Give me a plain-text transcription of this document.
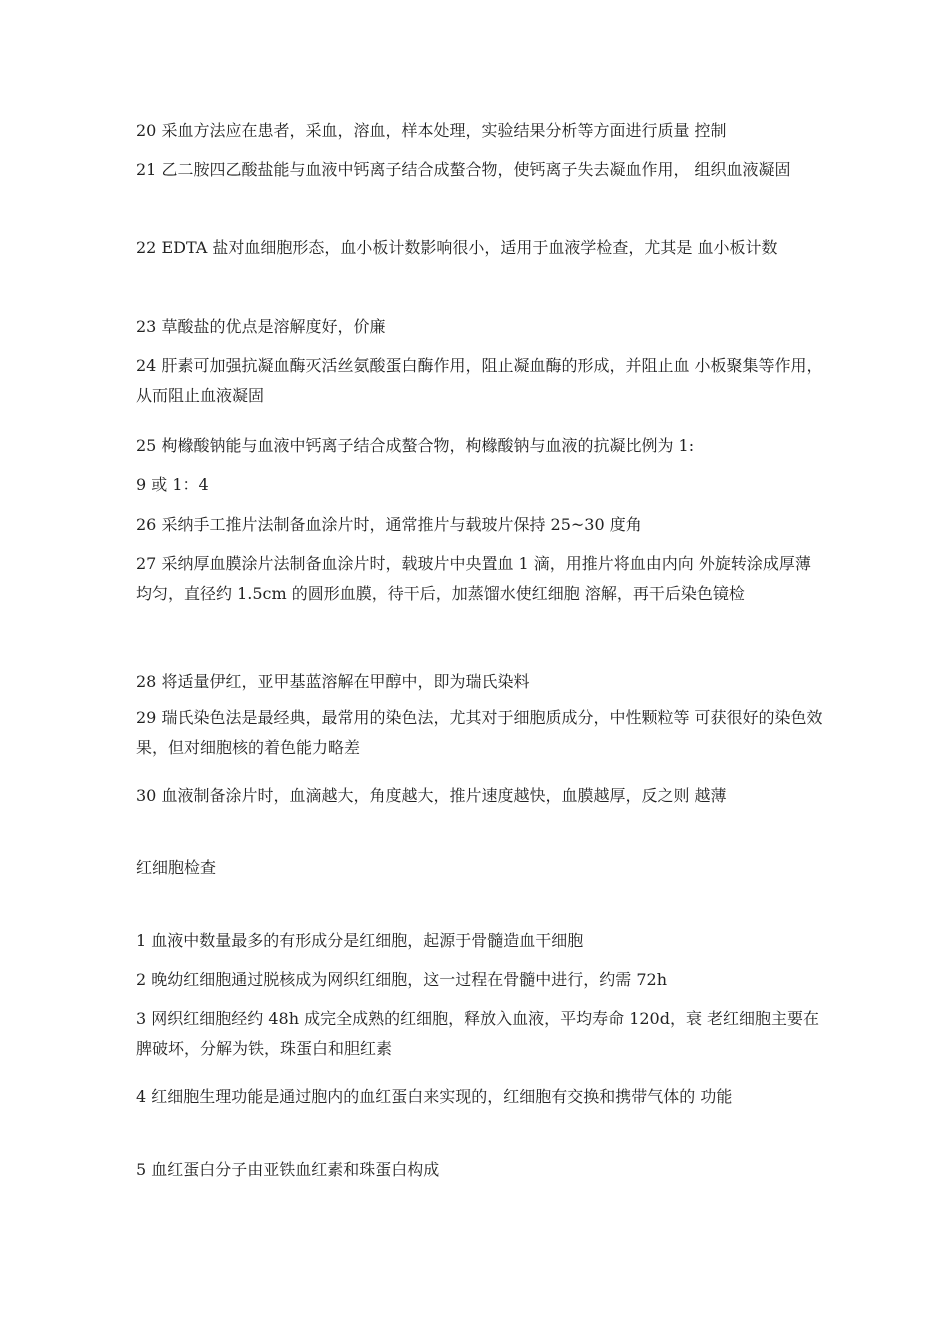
20 采血方法应在患者，采血，溶血，样本处理，实验结果分析等方面进行质量 控制
21 乙二胺四乙酸盐能与血液中钙离子结合成螯合物，使钙离子失去凝血作用， 组织血液凝固
22 EDTA 盐对血细胞形态，血小板计数影响很小，适用于血液学检查，尤其是 血小板计数
23 草酸盐的优点是溶解度好，价廉
24 肝素可加强抗凝血酶灭活丝氨酸蛋白酶作用，阻止凝血酶的形成，并阻止血 小板聚集等作用，从而阻止血液凝固
25 枸橼酸钠能与血液中钙离子结合成螯合物，枸橼酸钠与血液的抗凝比例为 1:
9 或 1：4
26 采纳手工推片法制备血涂片时，通常推片与载玻片保持 25~30 度角
27 采纳厚血膜涂片法制备血涂片时，载玻片中央置血 1 滴，用推片将血由内向 外旋转涂成厚薄均匀，直径约 1.5cm 的圆形血膜，待干后，加蒸馏水使红细胞 溶解，再干后染色镜检
28 将适量伊红，亚甲基蓝溶解在甲醇中，即为瑞氏染料
29 瑞氏染色法是最经典，最常用的染色法，尤其对于细胞质成分，中性颗粒等 可获很好的染色效果，但对细胞核的着色能力略差
30 血液制备涂片时，血滴越大，角度越大，推片速度越快，血膜越厚，反之则 越薄
红细胞检查
1 血液中数量最多的有形成分是红细胞，起源于骨髓造血干细胞
2 晚幼红细胞通过脱核成为网织红细胞，这一过程在骨髓中进行，约需 72h
3 网织红细胞经约 48h 成完全成熟的红细胞，释放入血液，平均寿命 120d，衰 老红细胞主要在脾破坏，分解为铁，珠蛋白和胆红素
4 红细胞生理功能是通过胞内的血红蛋白来实现的，红细胞有交换和携带气体的 功能
5 血红蛋白分子由亚铁血红素和珠蛋白构成
